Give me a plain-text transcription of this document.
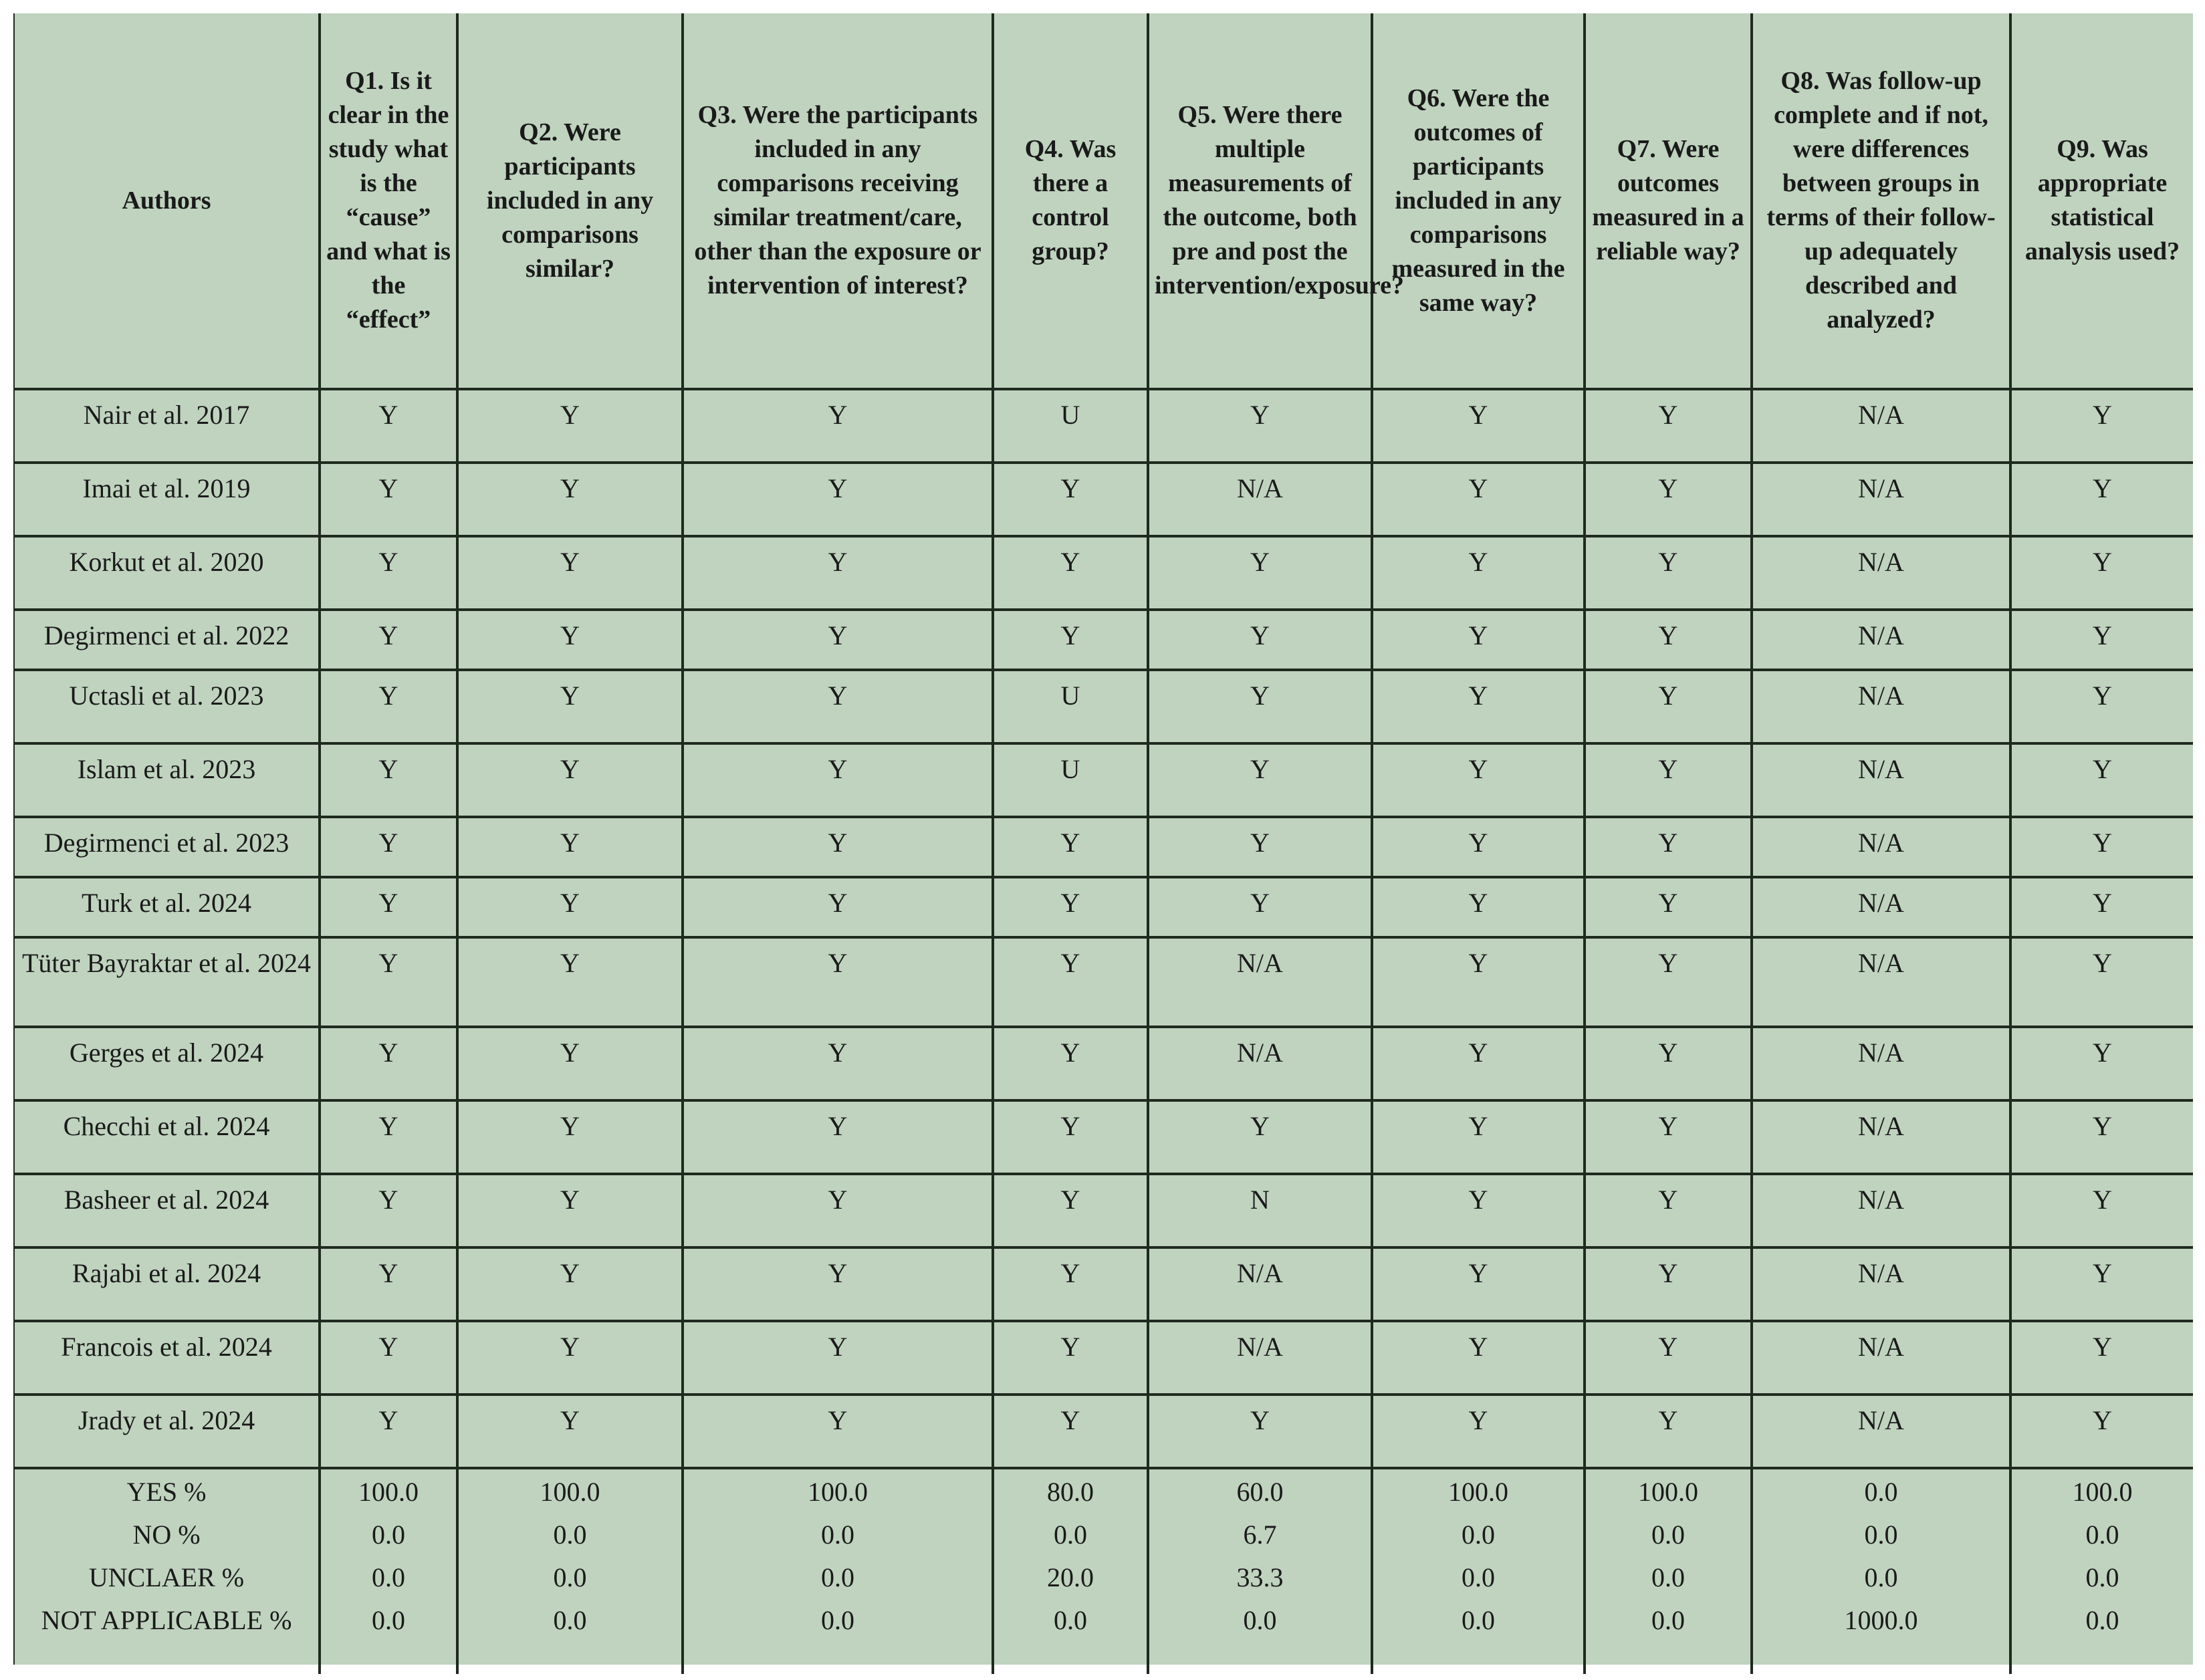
Authors	Q1. Is it clear in the study what is the “cause” and what is the “effect”	Q2. Were participants included in any comparisons similar?	Q3. Were the participants included in any comparisons receiving similar treatment/care, other than the exposure or intervention of interest?	Q4. Was there a control group?	Q5. Were there multiple measurements of the outcome, both pre and post the intervention/exposure?	Q6. Were the outcomes of participants included in any comparisons measured in the same way?	Q7. Were outcomes measured in a reliable way?	Q8. Was follow-up complete and if not, were differences between groups in terms of their follow-up adequately described and analyzed?	Q9. Was appropriate statistical analysis used?
Nair et al. 2017	Y	Y	Y	U	Y	Y	Y	N/A	Y
Imai et al. 2019	Y	Y	Y	Y	N/A	Y	Y	N/A	Y
Korkut et al. 2020	Y	Y	Y	Y	Y	Y	Y	N/A	Y
Degirmenci et al. 2022	Y	Y	Y	Y	Y	Y	Y	N/A	Y
Uctasli et al. 2023	Y	Y	Y	U	Y	Y	Y	N/A	Y
Islam et al. 2023	Y	Y	Y	U	Y	Y	Y	N/A	Y
Degirmenci et al. 2023	Y	Y	Y	Y	Y	Y	Y	N/A	Y
Turk et al. 2024	Y	Y	Y	Y	Y	Y	Y	N/A	Y
Tüter Bayraktar et al. 2024	Y	Y	Y	Y	N/A	Y	Y	N/A	Y
Gerges et al. 2024	Y	Y	Y	Y	N/A	Y	Y	N/A	Y
Checchi et al. 2024	Y	Y	Y	Y	Y	Y	Y	N/A	Y
Basheer et al. 2024	Y	Y	Y	Y	N	Y	Y	N/A	Y
Rajabi et al. 2024	Y	Y	Y	Y	N/A	Y	Y	N/A	Y
Francois et al. 2024	Y	Y	Y	Y	N/A	Y	Y	N/A	Y
Jrady et al. 2024	Y	Y	Y	Y	Y	Y	Y	N/A	Y
YES %	100.0	100.0	100.0	80.0	60.0	100.0	100.0	0.0	100.0
NO %	0.0	0.0	0.0	0.0	6.7	0.0	0.0	0.0	0.0
UNCLAER %	0.0	0.0	0.0	20.0	33.3	0.0	0.0	0.0	0.0
NOT APPLICABLE %	0.0	0.0	0.0	0.0	0.0	0.0	0.0	1000.0	0.0
